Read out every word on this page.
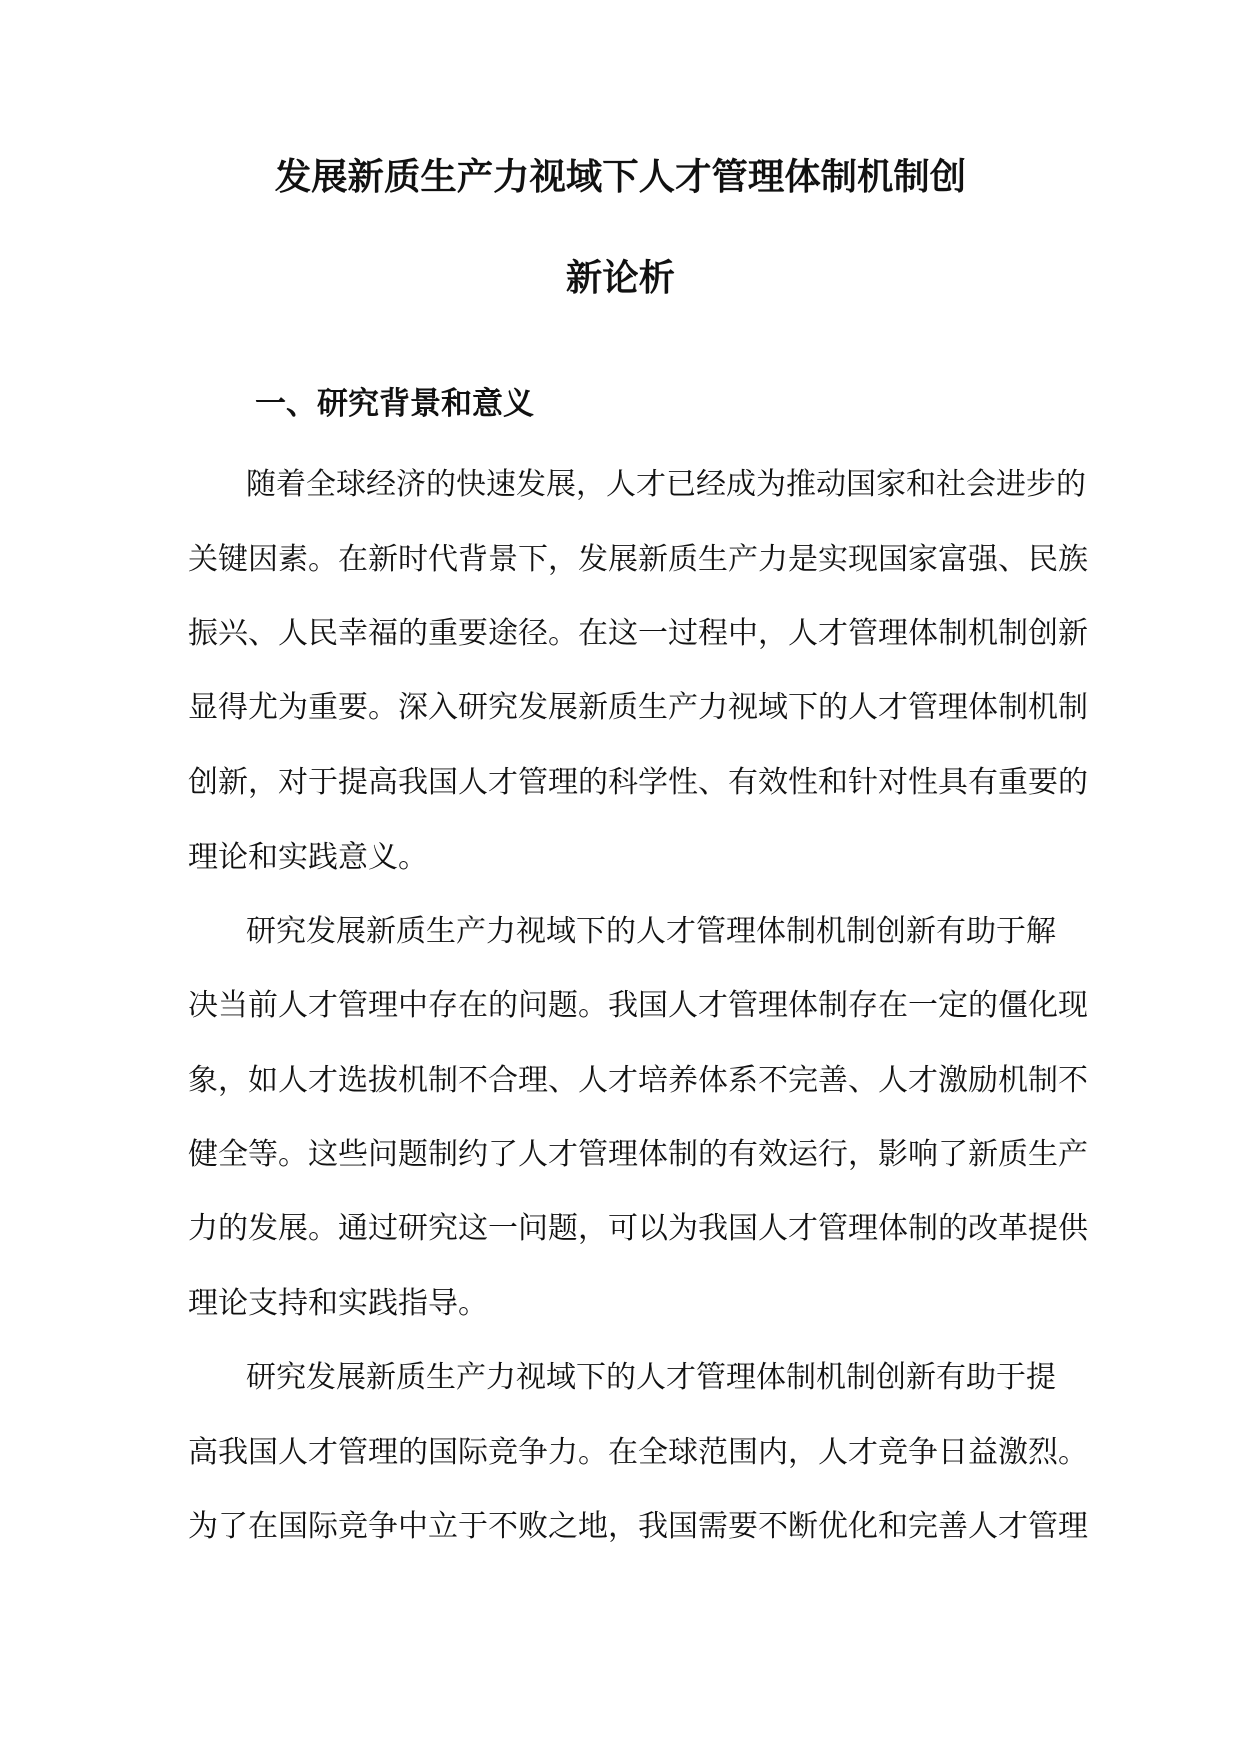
发展新质生产力视域下人才管理体制机制创
新论析
一、研究背景和意义
随着全球经济的快速发展，人才已经成为推动国家和社会进步的
关键因素。在新时代背景下，发展新质生产力是实现国家富强、民族
振兴、人民幸福的重要途径。在这一过程中，人才管理体制机制创新
显得尤为重要。深入研究发展新质生产力视域下的人才管理体制机制
创新，对于提高我国人才管理的科学性、有效性和针对性具有重要的
理论和实践意义。
研究发展新质生产力视域下的人才管理体制机制创新有助于解
决当前人才管理中存在的问题。我国人才管理体制存在一定的僵化现
象，如人才选拔机制不合理、人才培养体系不完善、人才激励机制不
健全等。这些问题制约了人才管理体制的有效运行，影响了新质生产
力的发展。通过研究这一问题，可以为我国人才管理体制的改革提供
理论支持和实践指导。
研究发展新质生产力视域下的人才管理体制机制创新有助于提
高我国人才管理的国际竞争力。在全球范围内，人才竞争日益激烈。
为了在国际竞争中立于不败之地，我国需要不断优化和完善人才管理
